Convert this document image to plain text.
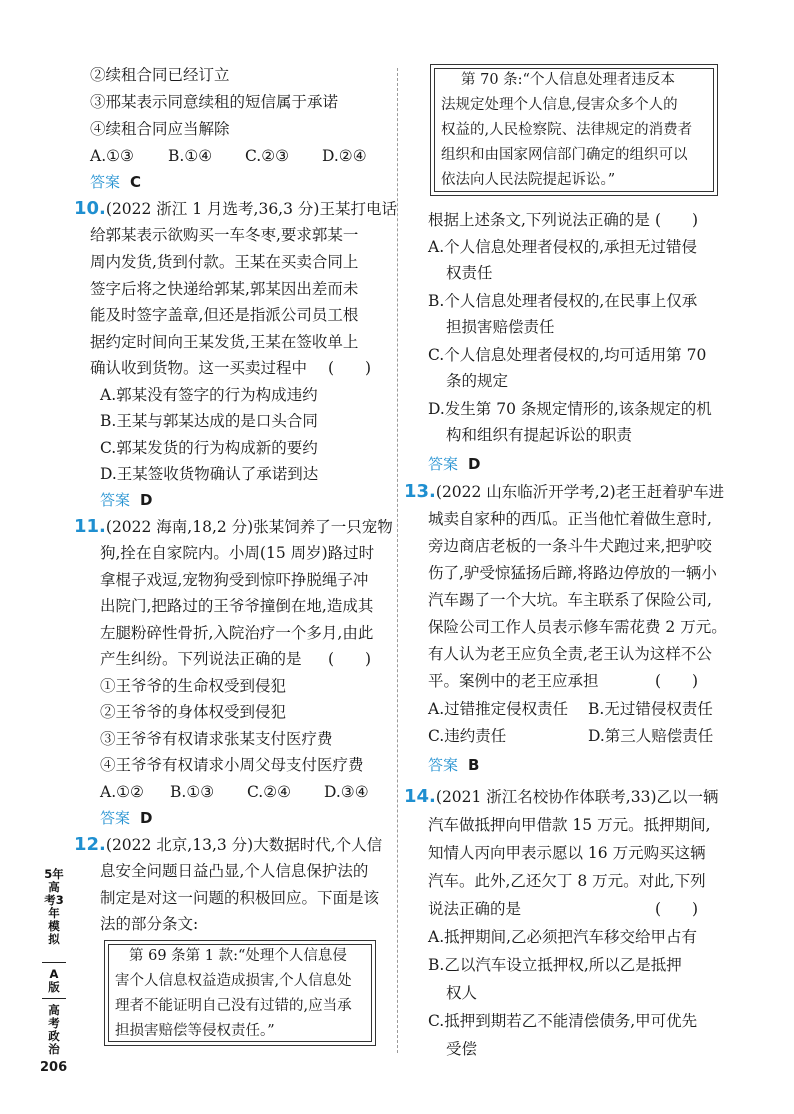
②续租合同已经订立
③邢某表示同意续租的短信属于承诺
④续租合同应当解除
A.①③ B.①④ C.②③ D.②④
答案 C
10.(2022 浙江 1 月选考,36,3 分)王某打电话
给郭某表示欲购买一车冬枣,要求郭某一
周内发货,货到付款。王某在买卖合同上
签字后将之快递给郭某,郭某因出差而未
能及时签字盖章,但还是指派公司员工根
据约定时间向王某发货,王某在签收单上
确认收到货物。这一买卖过程中 (　　)
A.郭某没有签字的行为构成违约
B.王某与郭某达成的是口头合同
C.郭某发货的行为构成新的要约
D.王某签收货物确认了承诺到达
答案 D
11.(2022 海南,18,2 分)张某饲养了一只宠物
狗,拴在自家院内。小周(15 周岁)路过时
拿棍子戏逗,宠物狗受到惊吓挣脱绳子冲
出院门,把路过的王爷爷撞倒在地,造成其
左腿粉碎性骨折,入院治疗一个多月,由此
产生纠纷。下列说法正确的是 (　　)
①王爷爷的生命权受到侵犯
②王爷爷的身体权受到侵犯
③王爷爷有权请求张某支付医疗费
④王爷爷有权请求小周父母支付医疗费
A.①② B.①③ C.②④ D.③④
答案 D
12.(2022 北京,13,3 分)大数据时代,个人信
息安全问题日益凸显,个人信息保护法的
制定是对这一问题的积极回应。下面是该
法的部分条文:
第 69 条第 1 款:“处理个人信息侵
害个人信息权益造成损害,个人信息处
理者不能证明自己没有过错的,应当承
担损害赔偿等侵权责任。”
5年高考3年模拟
A版
高考政治
206
第 70 条:“个人信息处理者违反本
法规定处理个人信息,侵害众多个人的
权益的,人民检察院、法律规定的消费者
组织和由国家网信部门确定的组织可以
依法向人民法院提起诉讼。”
根据上述条文,下列说法正确的是 (　　)
A.个人信息处理者侵权的,承担无过错侵
权责任
B.个人信息处理者侵权的,在民事上仅承
担损害赔偿责任
C.个人信息处理者侵权的,均可适用第 70
条的规定
D.发生第 70 条规定情形的,该条规定的机
构和组织有提起诉讼的职责
答案 D
13.(2022 山东临沂开学考,2)老王赶着驴车进
城卖自家种的西瓜。正当他忙着做生意时,
旁边商店老板的一条斗牛犬跑过来,把驴咬
伤了,驴受惊猛扬后蹄,将路边停放的一辆小
汽车踢了一个大坑。车主联系了保险公司,
保险公司工作人员表示修车需花费 2 万元。
有人认为老王应负全责,老王认为这样不公
平。案例中的老王应承担	(　　)
A.过错推定侵权责任 B.无过错侵权责任
C.违约责任	D.第三人赔偿责任
答案 B
14.(2021 浙江名校协作体联考,33)乙以一辆
汽车做抵押向甲借款 15 万元。抵押期间,
知情人丙向甲表示愿以 16 万元购买这辆
汽车。此外,乙还欠丁 8 万元。对此,下列
说法正确的是	(　　)
A.抵押期间,乙必须把汽车移交给甲占有
B.乙以汽车设立抵押权,所以乙是抵押
权人
C.抵押到期若乙不能清偿债务,甲可优先
受偿
